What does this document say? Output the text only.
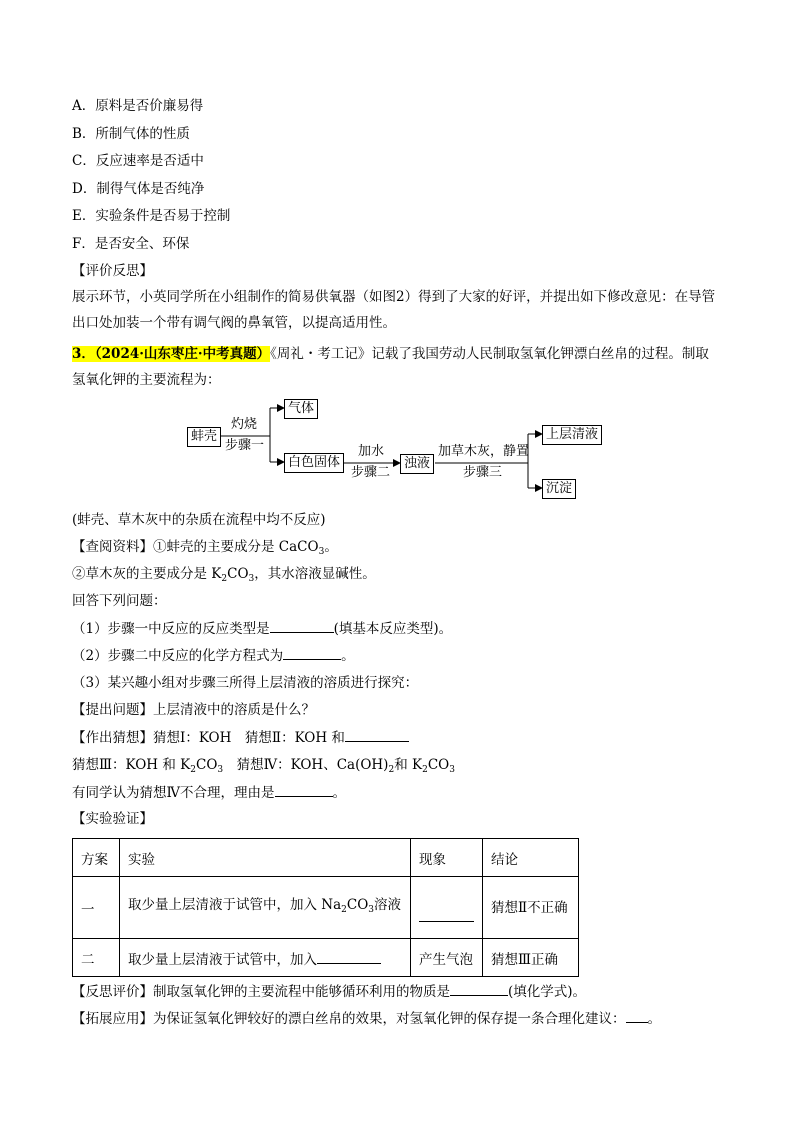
A．原料是否价廉易得
B．所制气体的性质
C．反应速率是否适中
D．制得气体是否纯净
E．实验条件是否易于控制
F．是否安全、环保
【评价反思】
展示环节，小英同学所在小组制作的简易供氧器（如图2）得到了大家的好评，并提出如下修改意见：在导管出口处加装一个带有调气阀的鼻氧管，以提高适用性。
3．（2024·山东枣庄·中考真题）《周礼・考工记》记载了我国劳动人民制取氢氧化钾漂白丝帛的过程。制取
氢氧化钾的主要流程为：
蚌壳
灼烧
步骤一
气体
白色固体
加水
步骤二
浊液
加草木灰，静置
步骤三
上层清液
沉淀
(蚌壳、草木灰中的杂质在流程中均不反应)
【查阅资料】①蚌壳的主要成分是 CaCO$_3$。
②草木灰的主要成分是 $K_2CO_3$，其水溶液显碱性。
回答下列问题：
（1）步骤一中反应的反应类型是	(填基本反应类型)。
（2）步骤二中反应的化学方程式为	。
（3）某兴趣小组对步骤三所得上层清液的溶质进行探究：
【提出问题】上层清液中的溶质是什么？
【作出猜想】猜想Ⅰ：KOH　猜想Ⅱ：KOH 和
猜想Ⅲ：KOH 和 $K_2CO_3$　猜想Ⅳ：KOH、$Ca(OH)_2$和 $K_2CO_3$
有同学认为猜想Ⅳ不合理，理由是	。
【实验验证】
方案	实验	现象	结论
一	取少量上层清液于试管中，加入 $Na_2CO_3$溶液		猜想Ⅱ不正确
二	取少量上层清液于试管中，加入	产生气泡	猜想Ⅲ正确
【反思评价】制取氢氧化钾的主要流程中能够循环利用的物质是	(填化学式)。
【拓展应用】为保证氢氧化钾较好的漂白丝帛的效果，对氢氧化钾的保存提一条合理化建议： 。
